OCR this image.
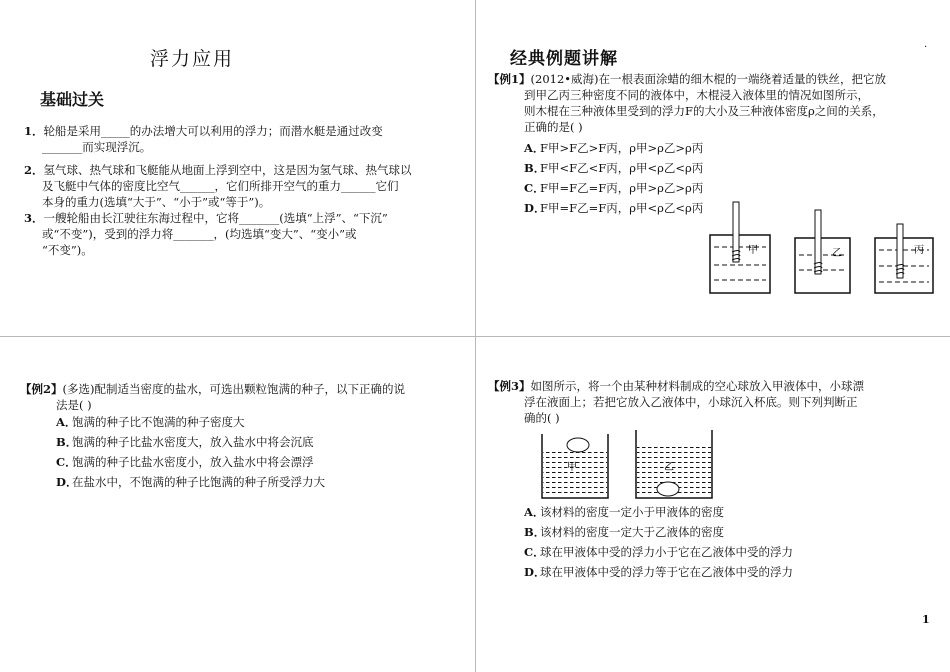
浮力应用
基础过关
1．轮船是采用_____的办法增大可以利用的浮力；而潜水艇是通过改变
_______而实现浮沉。
2．氢气球、热气球和飞艇能从地面上浮到空中，这是因为氢气球、热气球以
及飞艇中气体的密度比空气______，它们所排开空气的重力______它们
本身的重力(选填“大于”、“小于”或“等于”)。
3．一艘轮船由长江驶往东海过程中，它将_______(选填“上浮”、“下沉”
或“不变”)，受到的浮力将_______，(均选填“变大”、“变小”或
“不变”)。
经典例题讲解
·
【例1】(2012•威海)在一根表面涂蜡的细木棍的一端绕着适量的铁丝，把它放
到甲乙丙三种密度不同的液体中，木棍浸入液体里的情况如图所示，
则木棍在三种液体里受到的浮力F的大小及三种液体密度ρ之间的关系，
正确的是( )
A．F甲>F乙>F丙，ρ甲>ρ乙>ρ丙
B．F甲<F乙<F丙，ρ甲<ρ乙<ρ丙
C．F甲=F乙=F丙，ρ甲>ρ乙>ρ丙
D．F甲=F乙=F丙，ρ甲<ρ乙<ρ丙
甲	乙	丙
【例2】(多选)配制适当密度的盐水，可选出颗粒饱满的种子，以下正确的说
法是( )
A．饱满的种子比不饱满的种子密度大
B．饱满的种子比盐水密度大，放入盐水中将会沉底
C．饱满的种子比盐水密度小，放入盐水中将会漂浮
D．在盐水中，不饱满的种子比饱满的种子所受浮力大
【例3】如图所示，将一个由某种材料制成的空心球放入甲液体中，小球漂
浮在液面上；若把它放入乙液体中，小球沉入杯底。则下列判断正
确的( )
甲	乙
A．该材料的密度一定小于甲液体的密度
B．该材料的密度一定大于乙液体的密度
C．球在甲液体中受的浮力小于它在乙液体中受的浮力
D．球在甲液体中受的浮力等于它在乙液体中受的浮力
1
